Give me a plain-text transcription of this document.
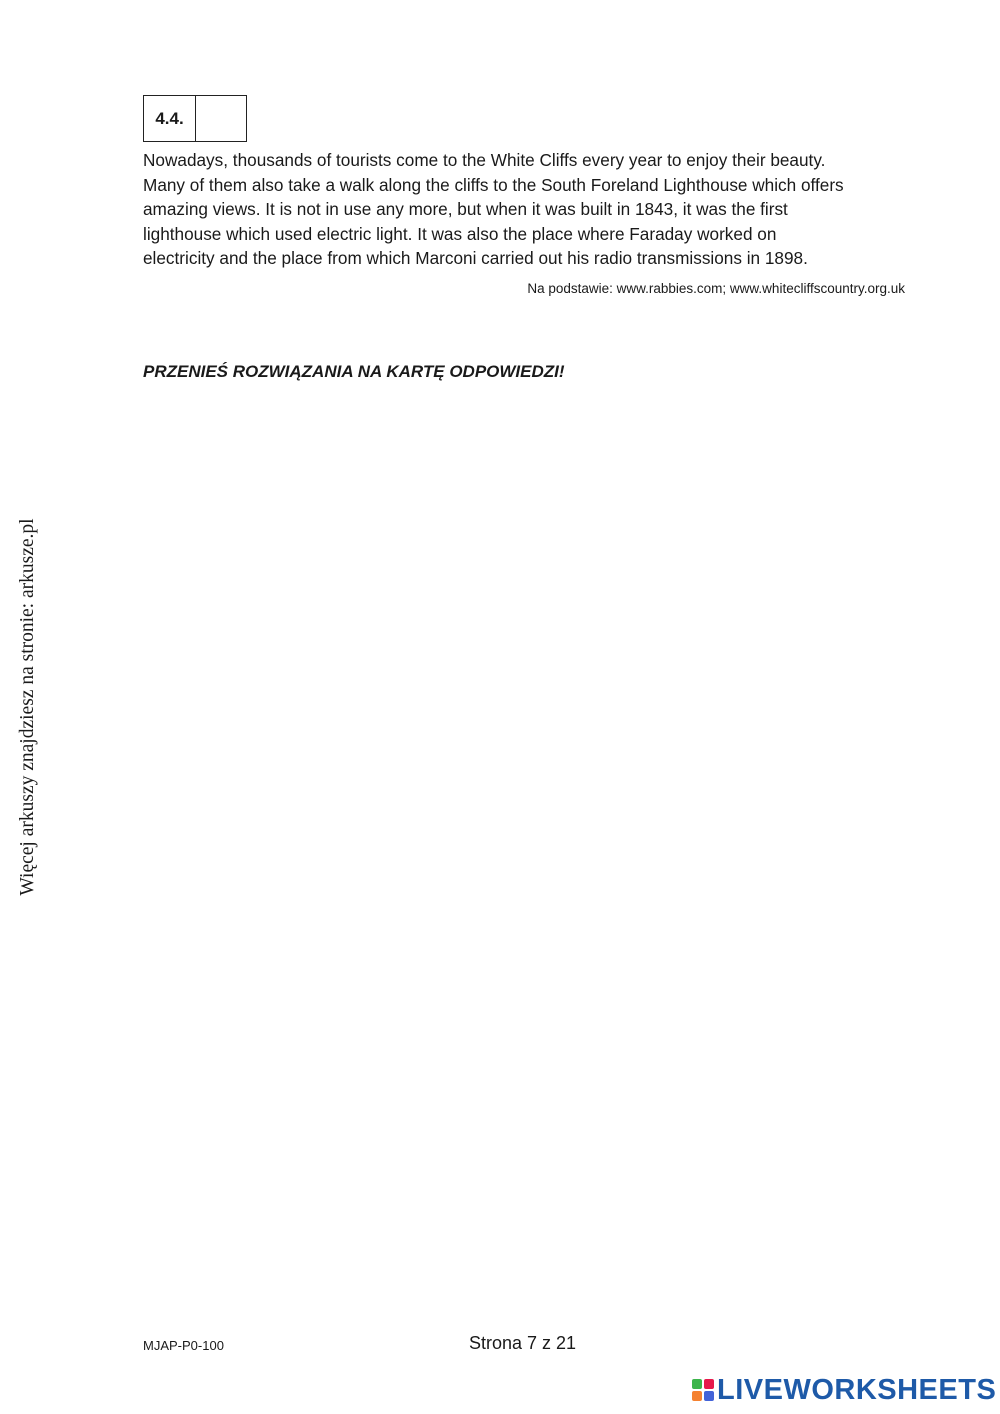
4.4.

Nowadays, thousands of tourists come to the White Cliffs every year to enjoy their beauty.
Many of them also take a walk along the cliffs to the South Foreland Lighthouse which offers
amazing views. It is not in use any more, but when it was built in 1843, it was the first
lighthouse which used electric light. It was also the place where Faraday worked on
electricity and the place from which Marconi carried out his radio transmissions in 1898.

Na podstawie: www.rabbies.com; www.whitecliffscountry.org.uk
PRZENIEŚ ROZWIĄZANIA NA KARTĘ ODPOWIEDZI!
Więcej arkuszy znajdziesz na stronie: arkusze.pl
MJAP-P0-100	Strona 7 z 21
LIVEWORKSHEETS
